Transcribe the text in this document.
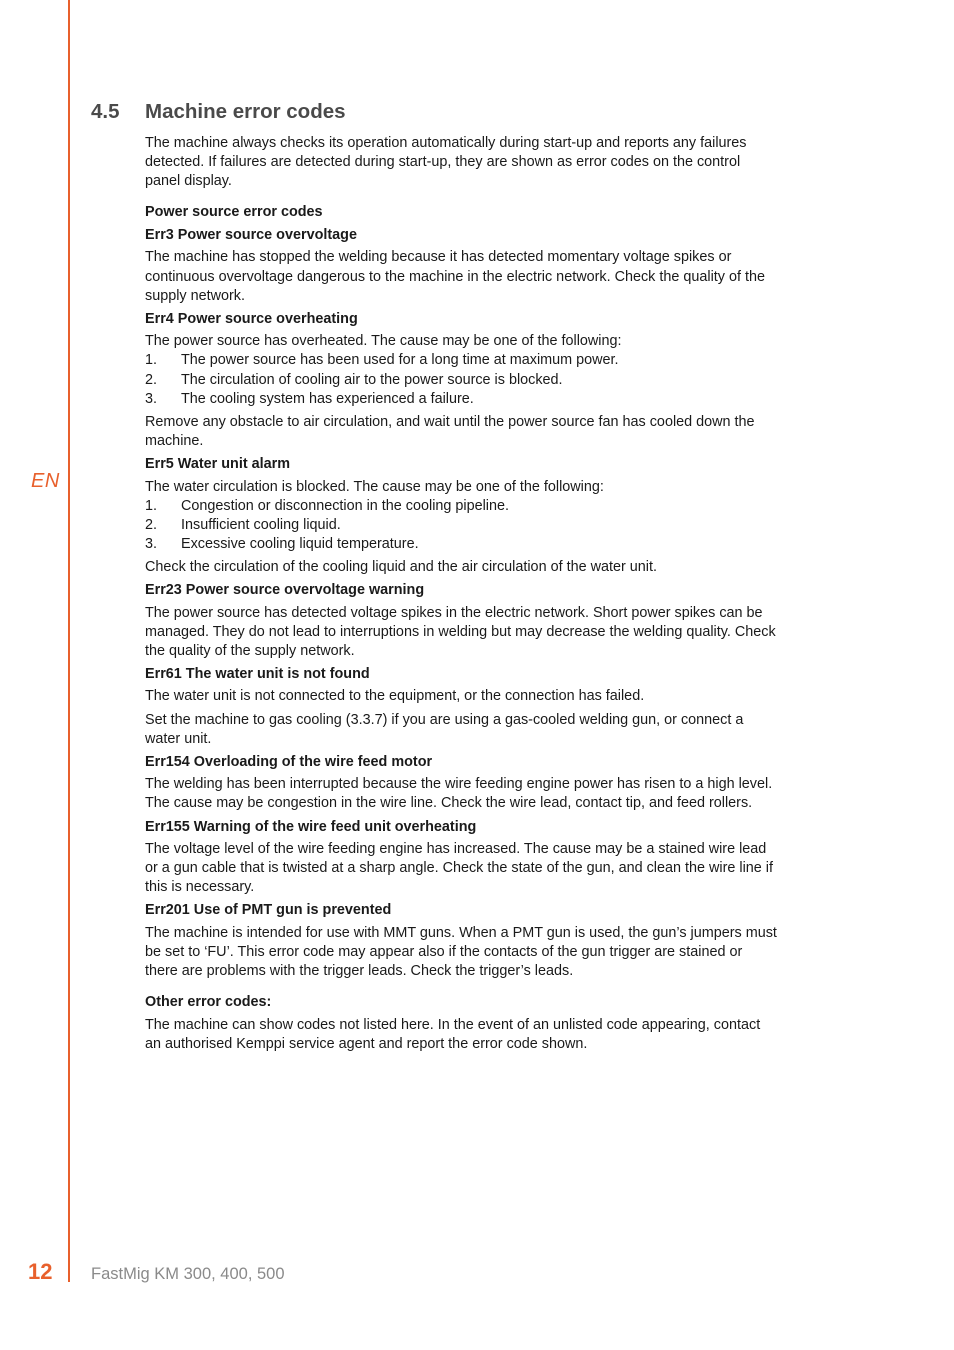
EN
4.5	Machine error codes

The machine always checks its operation automatically during start-up and reports any failures detected. If failures are detected during start-up, they are shown as error codes on the control panel display.

Power source error codes
Err3 Power source overvoltage

The machine has stopped the welding because it has detected momentary voltage spikes or continuous overvoltage dangerous to the machine in the electric network. Check the quality of the supply network.

Err4 Power source overheating

The power source has overheated. The cause may be one of the following:

1.	The power source has been used for a long time at maximum power.
2.	The circulation of cooling air to the power source is blocked.
3.	The cooling system has experienced a failure.

Remove any obstacle to air circulation, and wait until the power source fan has cooled down the machine.

Err5 Water unit alarm

The water circulation is blocked. The cause may be one of the following:

1.	Congestion or disconnection in the cooling pipeline.
2.	Insufficient cooling liquid.
3.	Excessive cooling liquid temperature.

Check the circulation of the cooling liquid and the air circulation of the water unit.

Err23 Power source overvoltage warning

The power source has detected voltage spikes in the electric network. Short power spikes can be managed. They do not lead to interruptions in welding but may decrease the welding quality. Check the quality of the supply network.

Err61 The water unit is not found

The water unit is not connected to the equipment, or the connection has failed.

Set the machine to gas cooling (3.3.7) if you are using a gas-cooled welding gun, or connect a water unit.

Err154 Overloading of the wire feed motor

The welding has been interrupted because the wire feeding engine power has risen to a high level. The cause may be congestion in the wire line. Check the wire lead, contact tip, and feed rollers.

Err155 Warning of the wire feed unit overheating

The voltage level of the wire feeding engine has increased. The cause may be a stained wire lead or a gun cable that is twisted at a sharp angle. Check the state of the gun, and clean the wire line if this is necessary.

Err201 Use of PMT gun is prevented

The machine is intended for use with MMT guns. When a PMT gun is used, the gun’s jumpers must be set to ‘FU’. This error code may appear also if the contacts of the gun trigger are stained or there are problems with the trigger leads. Check the trigger’s leads.

Other error codes:

The machine can show codes not listed here. In the event of an unlisted code appearing, contact an authorised Kemppi service agent and report the error code shown.

12 FastMig KM 300, 400, 500
